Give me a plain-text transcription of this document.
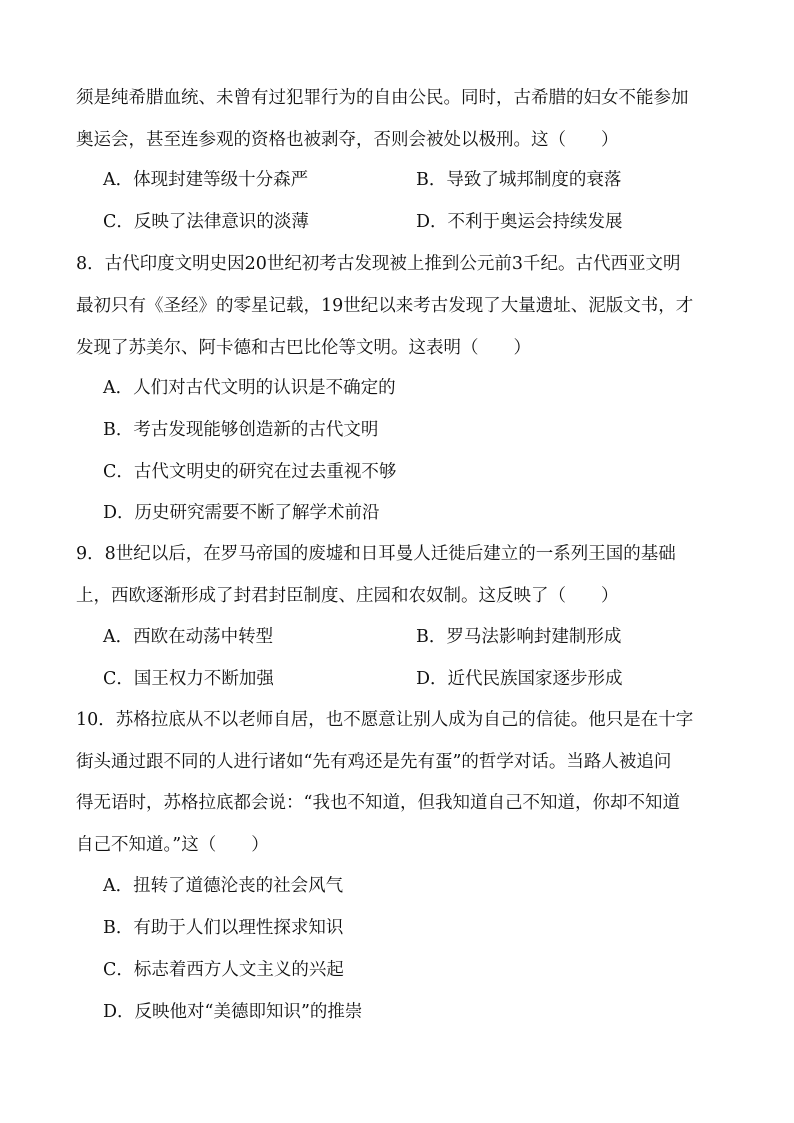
须是纯希腊血统、未曾有过犯罪行为的自由公民。同时，古希腊的妇女不能参加
奥运会，甚至连参观的资格也被剥夺，否则会被处以极刑。这（　　）
A．体现封建等级十分森严	B．导致了城邦制度的衰落
C．反映了法律意识的淡薄	D．不利于奥运会持续发展
8．古代印度文明史因20世纪初考古发现被上推到公元前3千纪。古代西亚文明
最初只有《圣经》的零星记载，19世纪以来考古发现了大量遗址、泥版文书，才
发现了苏美尔、阿卡德和古巴比伦等文明。这表明（　　）
A．人们对古代文明的认识是不确定的
B．考古发现能够创造新的古代文明
C．古代文明史的研究在过去重视不够
D．历史研究需要不断了解学术前沿
9．8世纪以后，在罗马帝国的废墟和日耳曼人迁徙后建立的一系列王国的基础
上，西欧逐渐形成了封君封臣制度、庄园和农奴制。这反映了（　　）
A．西欧在动荡中转型	B．罗马法影响封建制形成
C．国王权力不断加强	D．近代民族国家逐步形成
10．苏格拉底从不以老师自居，也不愿意让别人成为自己的信徒。他只是在十字
街头通过跟不同的人进行诸如“先有鸡还是先有蛋”的哲学对话。当路人被追问
得无语时，苏格拉底都会说：“我也不知道，但我知道自己不知道，你却不知道
自己不知道。”这（　　）
A．扭转了道德沦丧的社会风气
B．有助于人们以理性探求知识
C．标志着西方人文主义的兴起
D．反映他对“美德即知识”的推崇
